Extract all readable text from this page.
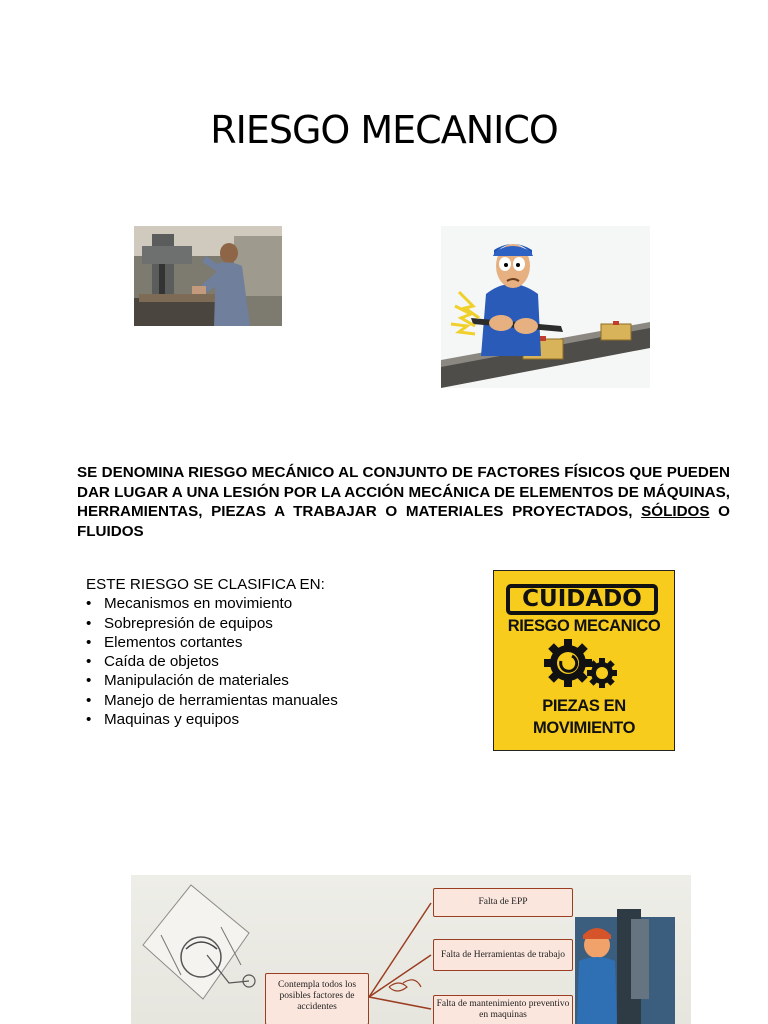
RIESGO MECANICO
SE DENOMINA RIESGO MECÁNICO AL CONJUNTO DE FACTORES FÍSICOS QUE PUEDEN DAR LUGAR A UNA LESIÓN POR LA ACCIÓN MECÁNICA DE ELEMENTOS DE MÁQUINAS, HERRAMIENTAS, PIEZAS A TRABAJAR O MATERIALES PROYECTADOS, SÓLIDOS O FLUIDOS
ESTE RIESGO SE CLASIFICA EN:
• Mecanismos en movimiento
• Sobrepresión de equipos
• Elementos cortantes
• Caída de objetos
• Manipulación de materiales
• Manejo de herramientas manuales
• Maquinas y equipos
CUIDADO
RIESGO MECANICO
PIEZAS EN
MOVIMIENTO
Falta de EPP
Falta de Herramientas de trabajo
Falta de mantenimiento preventivo en maquinas
Contempla todos los posibles factores de accidentes
